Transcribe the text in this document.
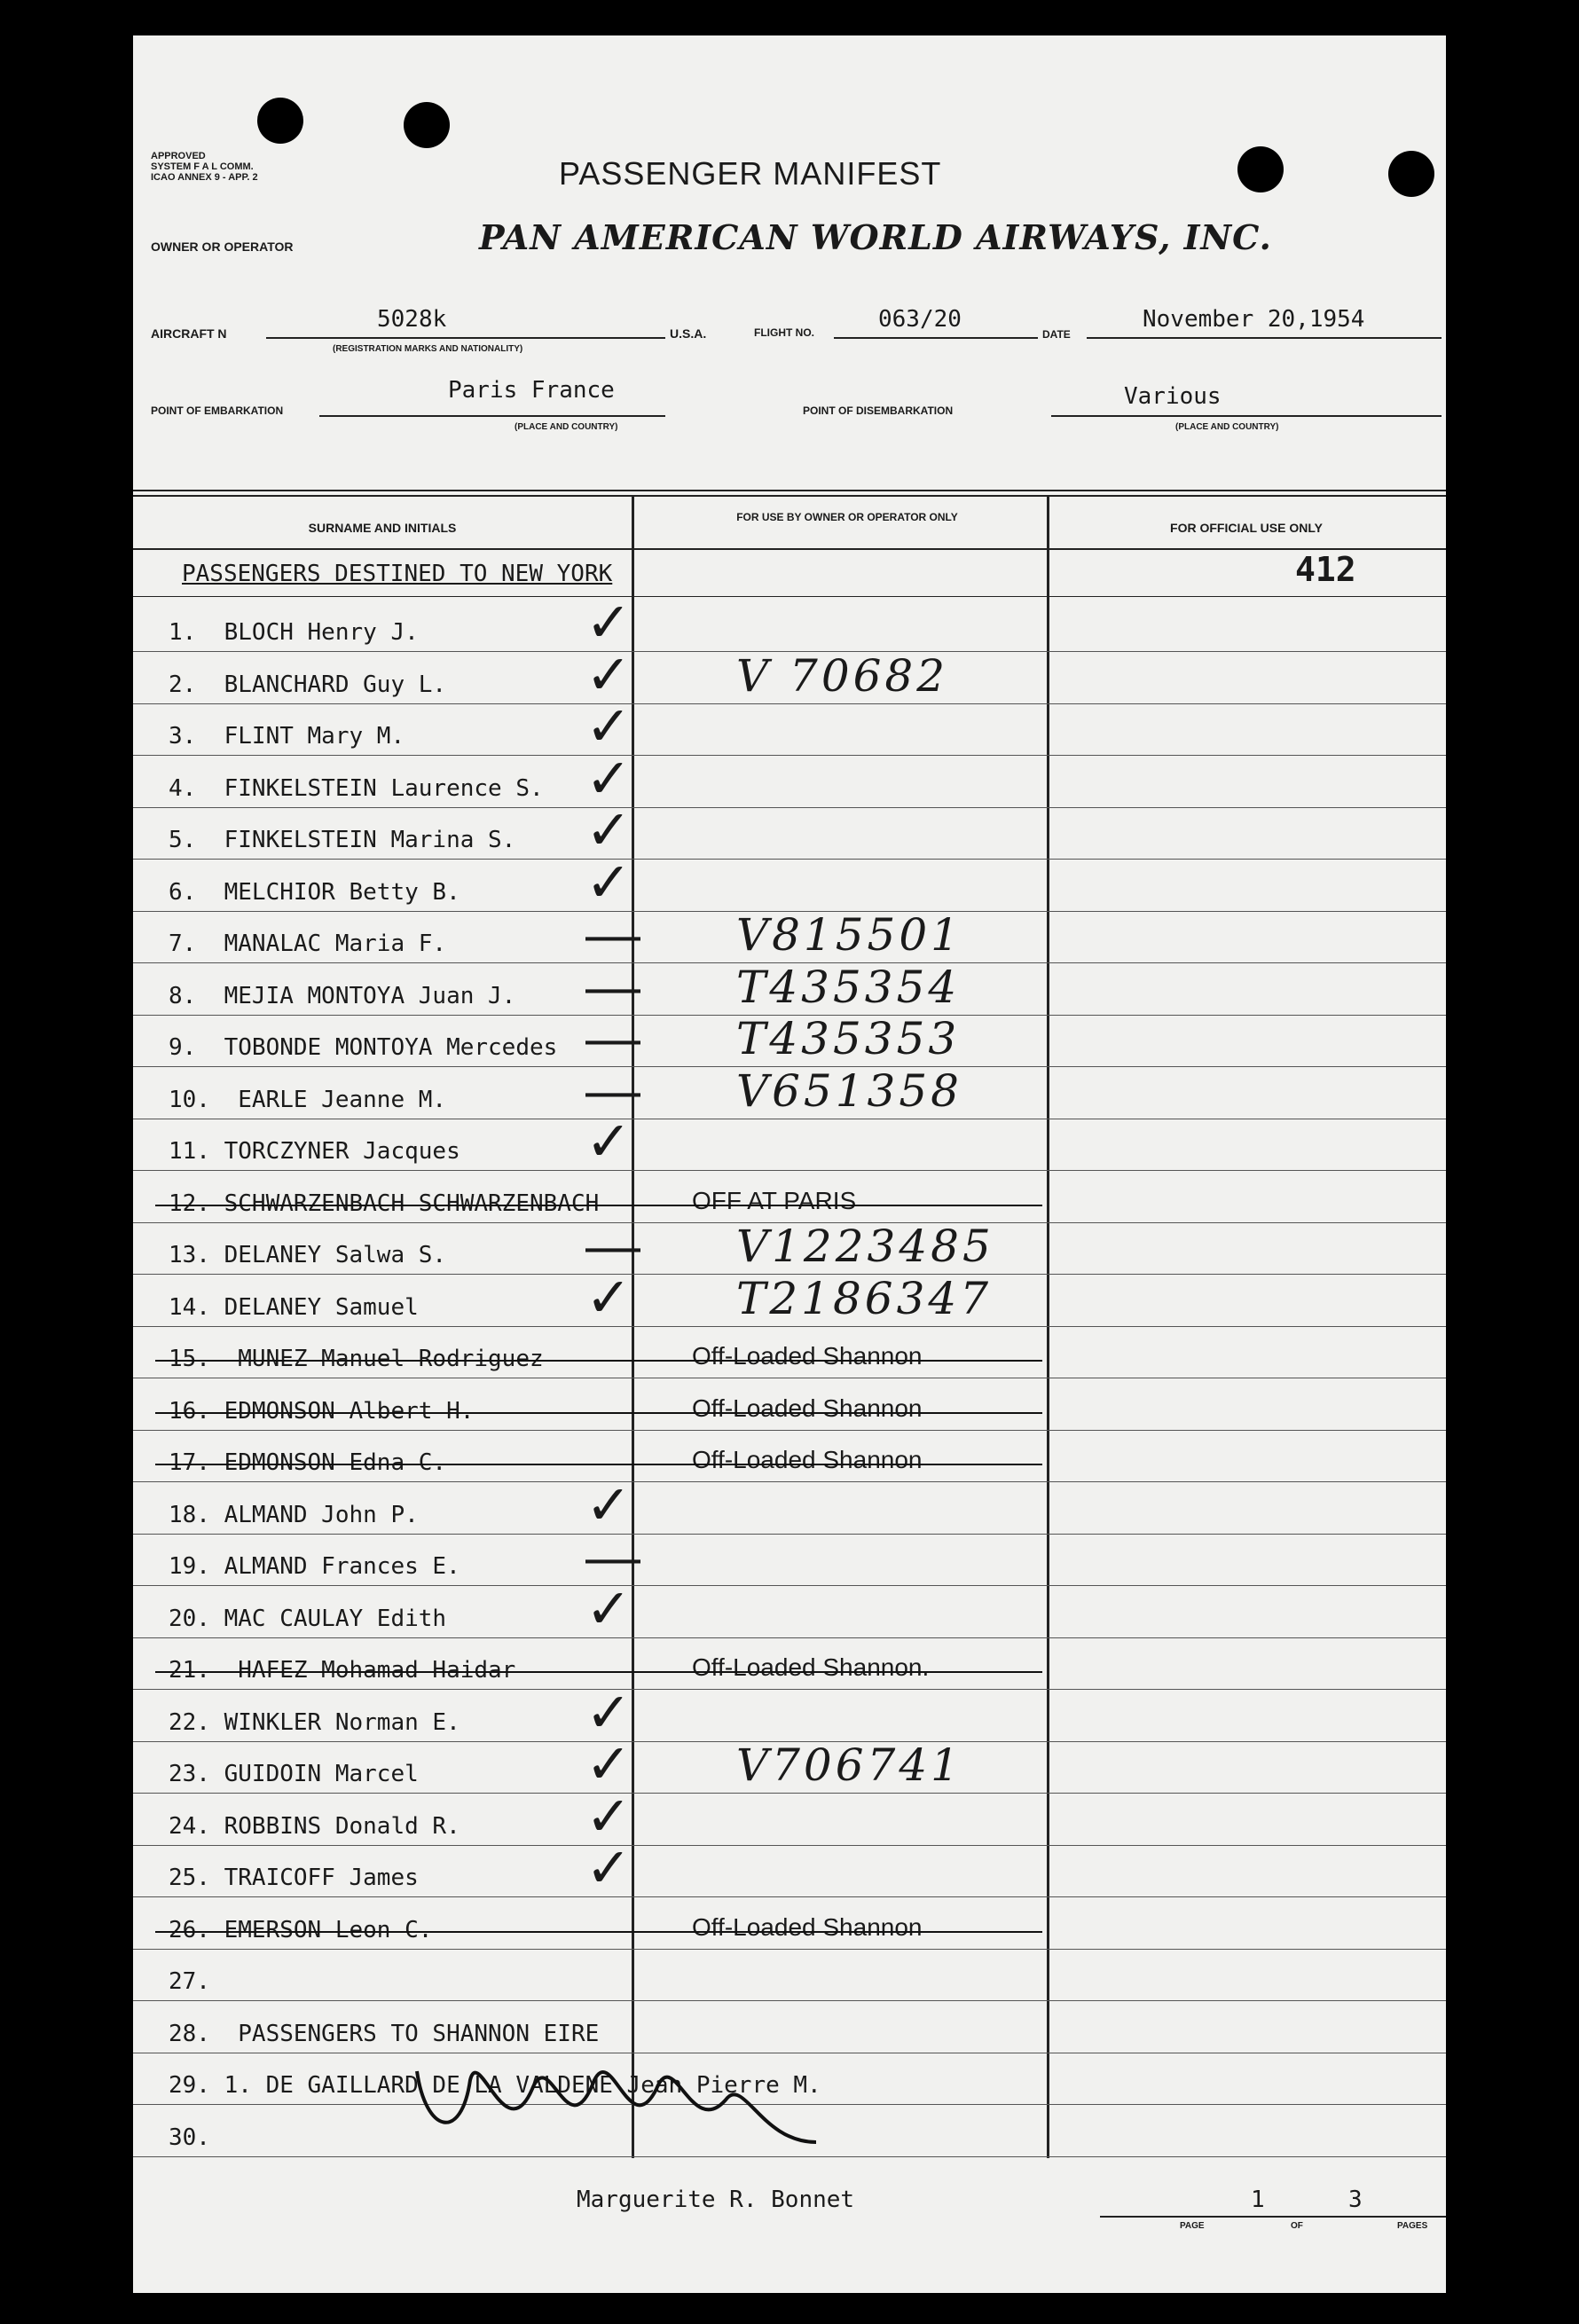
APPROVED
SYSTEM F A L COMM.
ICAO ANNEX 9 - APP. 2	PASSENGER MANIFEST
OWNER OR OPERATOR	PAN AMERICAN WORLD AIRWAYS, INC.
AIRCRAFT N
5028k
(REGISTRATION MARKS AND NATIONALITY)
U.S.A.	FLIGHT NO.	063/20
DATE
November 20,1954
POINT OF EMBARKATION
Paris France
(PLACE AND COUNTRY)
POINT OF DISEMBARKATION
Various
(PLACE AND COUNTRY)
SURNAME AND INITIALS
FOR USE BY OWNER OR OPERATOR ONLY
FOR OFFICIAL USE ONLY
PASSENGERS DESTINED TO NEW YORK	412
1.  BLOCH Henry J.	✓
2.  BLANCHARD Guy L.	✓ V 70682
3.  FLINT Mary M.	✓
4.  FINKELSTEIN Laurence S. ✓
5.  FINKELSTEIN Marina S. ✓
6.  MELCHIOR Betty B. ✓
7.  MANALAC Maria F.	— V815501
8.  MEJIA MONTOYA Juan J. — T435354
9.  TOBONDE MONTOYA Mercedes — T435353
10.  EARLE Jeanne M.	— V651358
11. TORCZYNER Jacques ✓
12. SCHWARZENBACH SCHWARZENBACH	OFF AT PARIS
13. DELANEY Salwa S.	— V1223485
14. DELANEY Samuel	✓ T2186347
15.  MUNEZ Manuel Rodriguez	Off-Loaded Shannon
16. EDMONSON Albert H.	Off-Loaded Shannon
17. EDMONSON Edna C.	Off-Loaded Shannon
18. ALMAND John P.	✓
19. ALMAND Frances E. —
20. MAC CAULAY Edith	✓
21.  HAFEZ Mohamad Haidar	Off-Loaded Shannon.
22. WINKLER Norman E. ✓
23. GUIDOIN Marcel	✓ V706741
24. ROBBINS Donald R. ✓
25. TRAICOFF James	✓
26. EMERSON Leon C.	Off-Loaded Shannon
27.
28.  PASSENGERS TO SHANNON EIRE
29. 1. DE GAILLARD DE LA VALDENE Jean Pierre M.
30.
Marguerite R. Bonnet	1	3
PAGE	OF	PAGES
